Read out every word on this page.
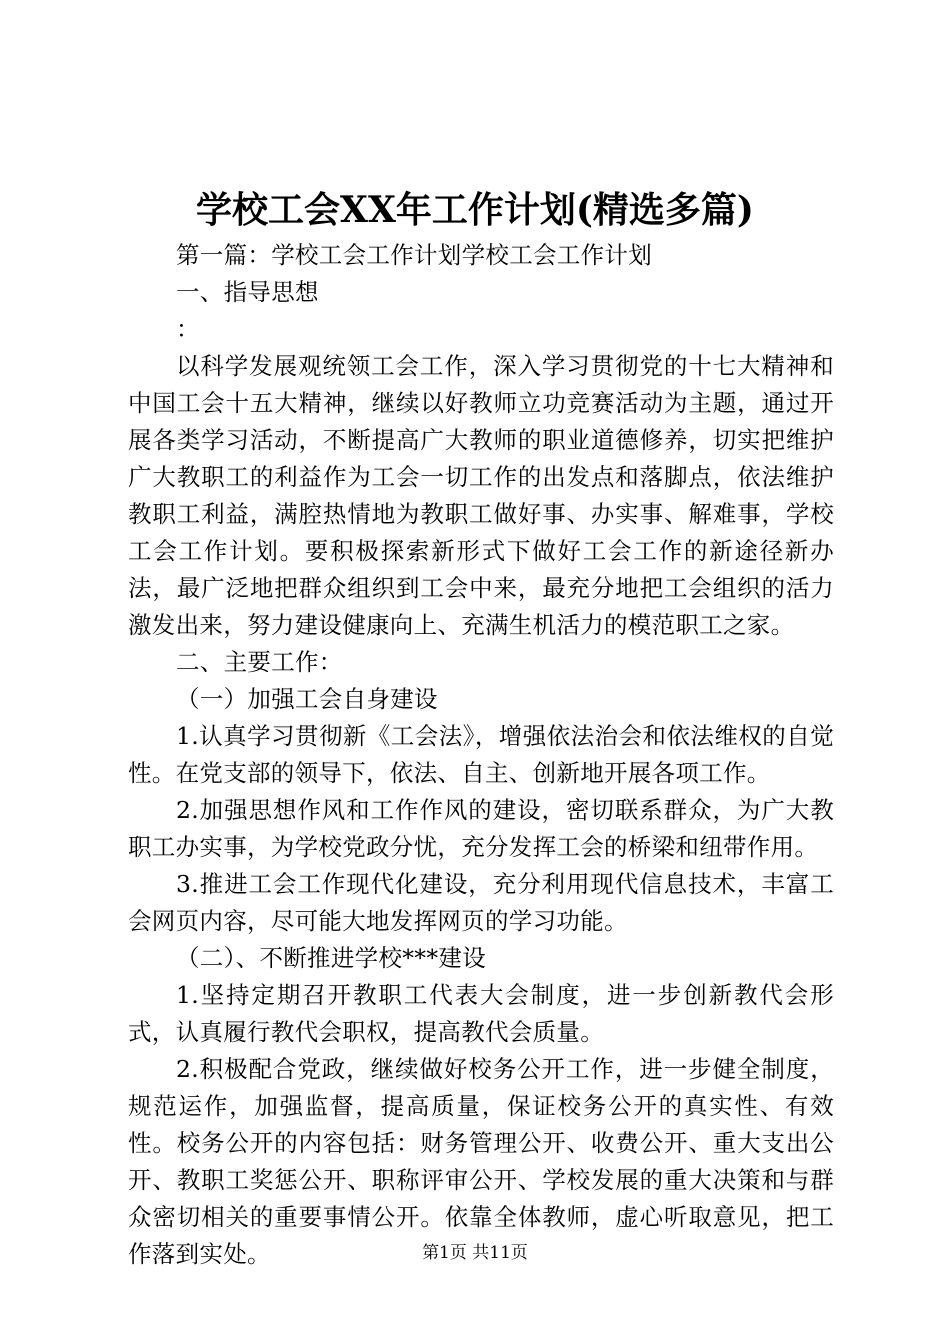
学校工会XX年工作计划(精选多篇)

第一篇：学校工会工作计划学校工会工作计划

一、指导思想

：

以科学发展观统领工会工作，深入学习贯彻党的十七大精神和中国工会十五大精神，继续以好教师立功竞赛活动为主题，通过开展各类学习活动，不断提高广大教师的职业道德修养，切实把维护广大教职工的利益作为工会一切工作的出发点和落脚点，依法维护教职工利益，满腔热情地为教职工做好事、办实事、解难事，学校工会工作计划。要积极探索新形式下做好工会工作的新途径新办法，最广泛地把群众组织到工会中来，最充分地把工会组织的活力激发出来，努力建设健康向上、充满生机活力的模范职工之家。

二、主要工作：

（一）加强工会自身建设

1.认真学习贯彻新《工会法》，增强依法治会和依法维权的自觉性。在党支部的领导下，依法、自主、创新地开展各项工作。

2.加强思想作风和工作作风的建设，密切联系群众，为广大教职工办实事，为学校党政分忧，充分发挥工会的桥梁和纽带作用。

3.推进工会工作现代化建设，充分利用现代信息技术，丰富工会网页内容，尽可能大地发挥网页的学习功能。

（二）、不断推进学校***建设

1.坚持定期召开教职工代表大会制度，进一步创新教代会形式，认真履行教代会职权，提高教代会质量。

2.积极配合党政，继续做好校务公开工作，进一步健全制度，规范运作，加强监督，提高质量，保证校务公开的真实性、有效性。校务公开的内容包括：财务管理公开、收费公开、重大支出公开、教职工奖惩公开、职称评审公开、学校发展的重大决策和与群众密切相关的重要事情公开。依靠全体教师，虚心听取意见，把工作落到实处。	第1页 共11页
